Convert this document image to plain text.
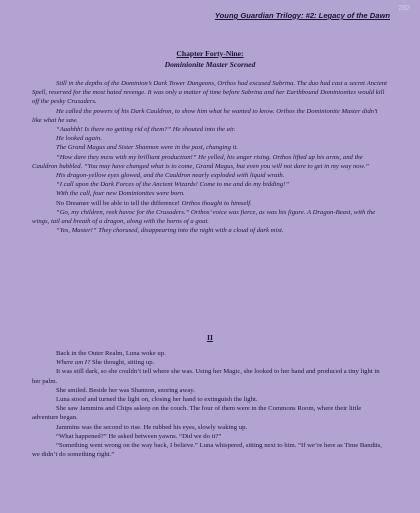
282
Young Guardian Trilogy: #2: Legacy of the Dawn
Chapter Forty-Nine:
Dominionite Master Scorned

Still in the depths of the Dominion’s Dark Tower Dungeons, Orthos had excused Sabrina. The duo had cast a secret Ancient Spell, reserved for the most hated revenge. It was only a matter of time before Sabrina and her Earthbound Dominionites would kill off the pesky Crusaders.

He called the powers of his Dark Cauldron, to show him what he wanted to know. Orthos the Dominionite Master didn’t like what he saw.

“Aaahhh! Is there no getting rid of them?” He shouted into the air.

He looked again.

The Grand Magus and Sister Shannon were in the past, changing it.

“How dare they mess with my brilliant production!” He yelled, his anger rising. Orthos lifted up his arms, and the Cauldron bubbled. “You may have changed what is to come, Grand Magus, but even you will not dare to get in my way now.”

His dragon-yellow eyes glowed, and the Cauldron nearly exploded with liquid wrath.

“I call upon the Dark Forces of the Ancient Wizards! Come to me and do my bidding!”

With the call, four new Dominionites were born.

No Dreamer will be able to tell the difference! Orthos thought to himself.

“Go, my children, reek havoc for the Crusaders.” Orthos’ voice was fierce, as was his figure. A Dragon-Beast, with the wings, tail and breath of a dragon, along with the horns of a goat.

“Yes, Master!” They chorused, disappearing into the night with a cloud of dark mist.

II

Back in the Outer Realm, Luna woke up.

Where am I? She thought, sitting up.

It was still dark, so she couldn’t tell where she was. Using her Magic, she looked to her hand and produced a tiny light in her palm.

She smiled. Beside her was Shannon, snoring away.

Luna stood and turned the light on, closing her hand to extinguish the light.

She saw Jammins and Chips asleep on the couch. The four of them were in the Commons Room, where their little adventure began.

Jammins was the second to rise. He rubbed his eyes, slowly waking up.

“What happened?” He asked between yawns. “Did we do it?”

“Something went wrong on the way back, I believe.” Luna whispered, sitting next to him. “If we’re here as Time Bandits, we didn’t do something right.”
